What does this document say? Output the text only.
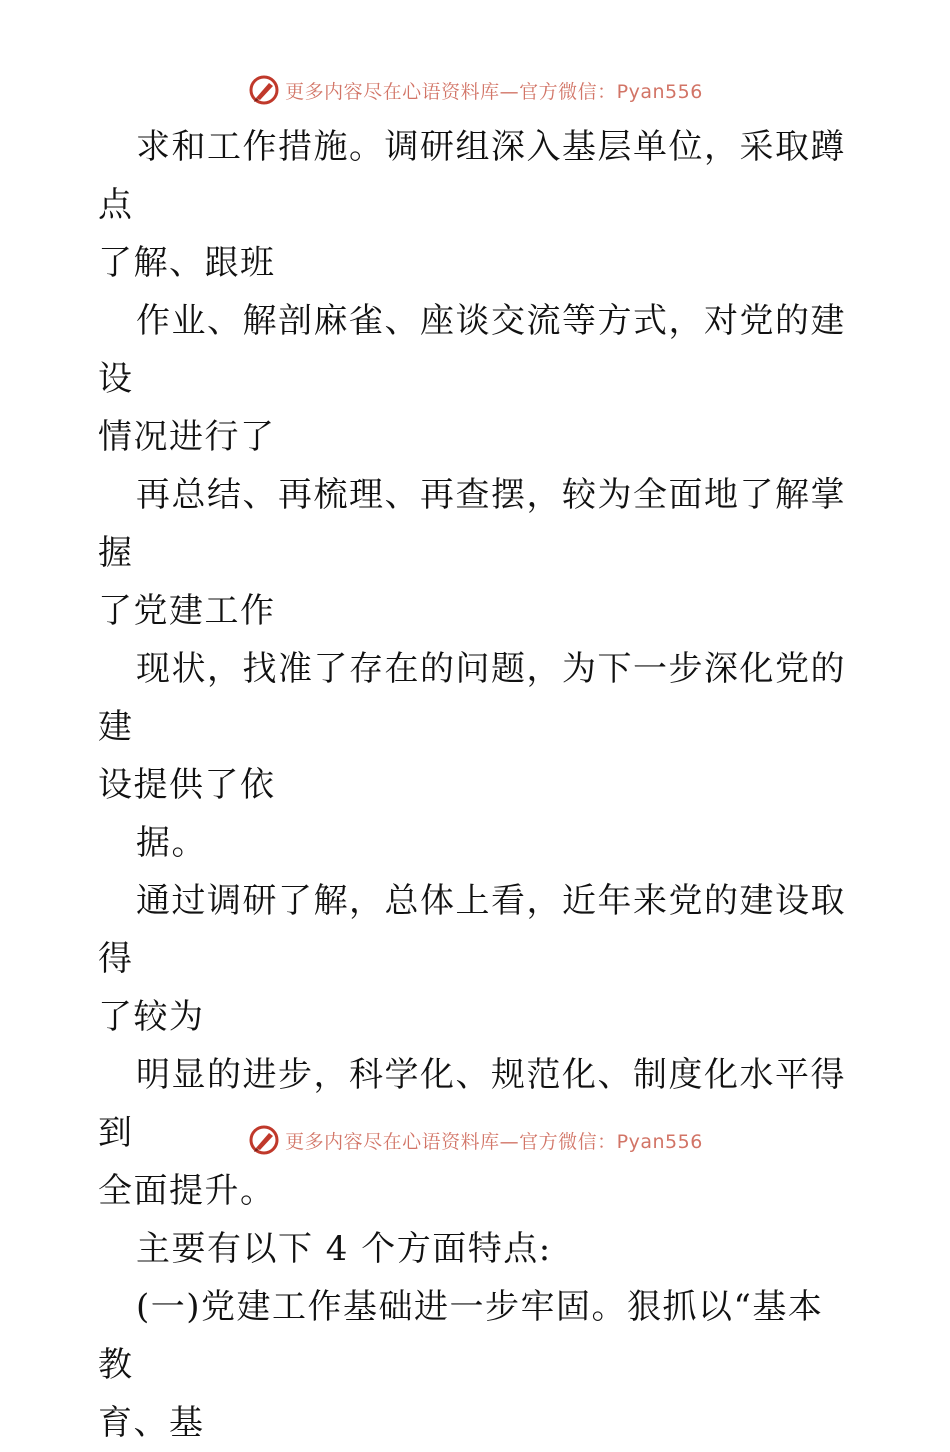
更多内容尽在心语资料库—官方微信：Pyan556

求和工作措施。调研组深入基层单位，采取蹲点
了解、跟班

作业、解剖麻雀、座谈交流等方式，对党的建设
情况进行了

再总结、再梳理、再查摆，较为全面地了解掌握
了党建工作

现状，找准了存在的问题，为下一步深化党的建
设提供了依

据。

通过调研了解，总体上看，近年来党的建设取得
了较为

明显的进步，科学化、规范化、制度化水平得到
全面提升。

主要有以下 4 个方面特点:

(一)党建工作基础进一步牢固。狠抓以“基本教
育、基

更多内容尽在心语资料库—官方微信：Pyan556
